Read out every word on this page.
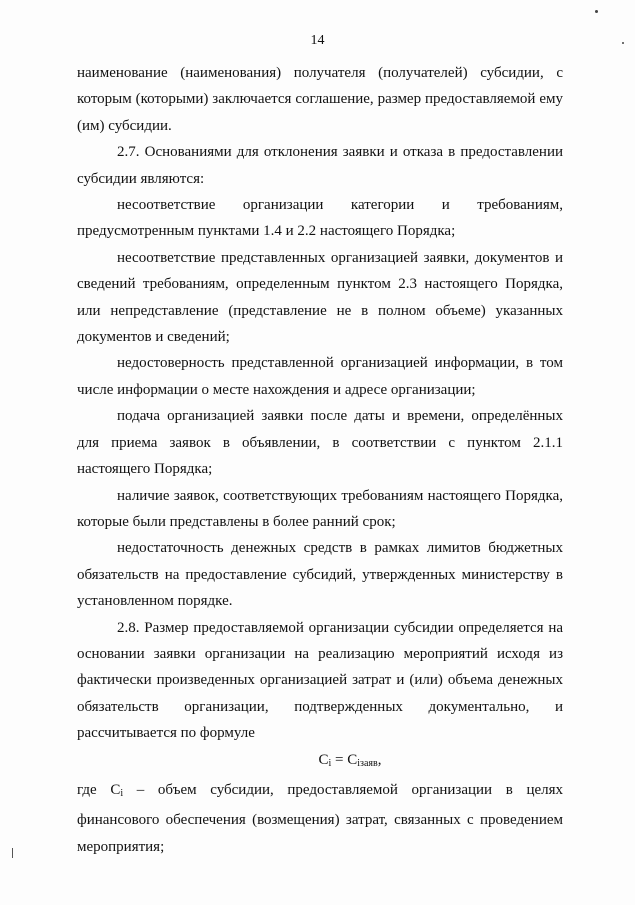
14

наименование (наименования) получателя (получателей) субсидии, с которым (которыми) заключается соглашение, размер предоставляемой ему (им) субсидии.

2.7. Основаниями для отклонения заявки и отказа в предоставлении субсидии являются:

несоответствие организации категории и требованиям, предусмотренным пунктами 1.4 и 2.2 настоящего Порядка;

несоответствие представленных организацией заявки, документов и сведений требованиям, определенным пунктом 2.3 настоящего Порядка, или непредставление (представление не в полном объеме) указанных документов и сведений;

недостоверность представленной организацией информации, в том числе информации о месте нахождения и адресе организации;

подача организацией заявки после даты и времени, определённых для приема заявок в объявлении, в соответствии с пунктом 2.1.1 настоящего Порядка;

наличие заявок, соответствующих требованиям настоящего Порядка, которые были представлены в более ранний срок;

недостаточность денежных средств в рамках лимитов бюджетных обязательств на предоставление субсидий, утвержденных министерству в установленном порядке.

2.8. Размер предоставляемой организации субсидии определяется на основании заявки организации на реализацию мероприятий исходя из фактически произведенных организацией затрат и (или) объема денежных обязательств организации, подтвержденных документально, и рассчитывается по формуле

$C_i = C_{iзаяв}$,

где $C_i$ – объем субсидии, предоставляемой организации в целях финансового обеспечения (возмещения) затрат, связанных с проведением мероприятия;
